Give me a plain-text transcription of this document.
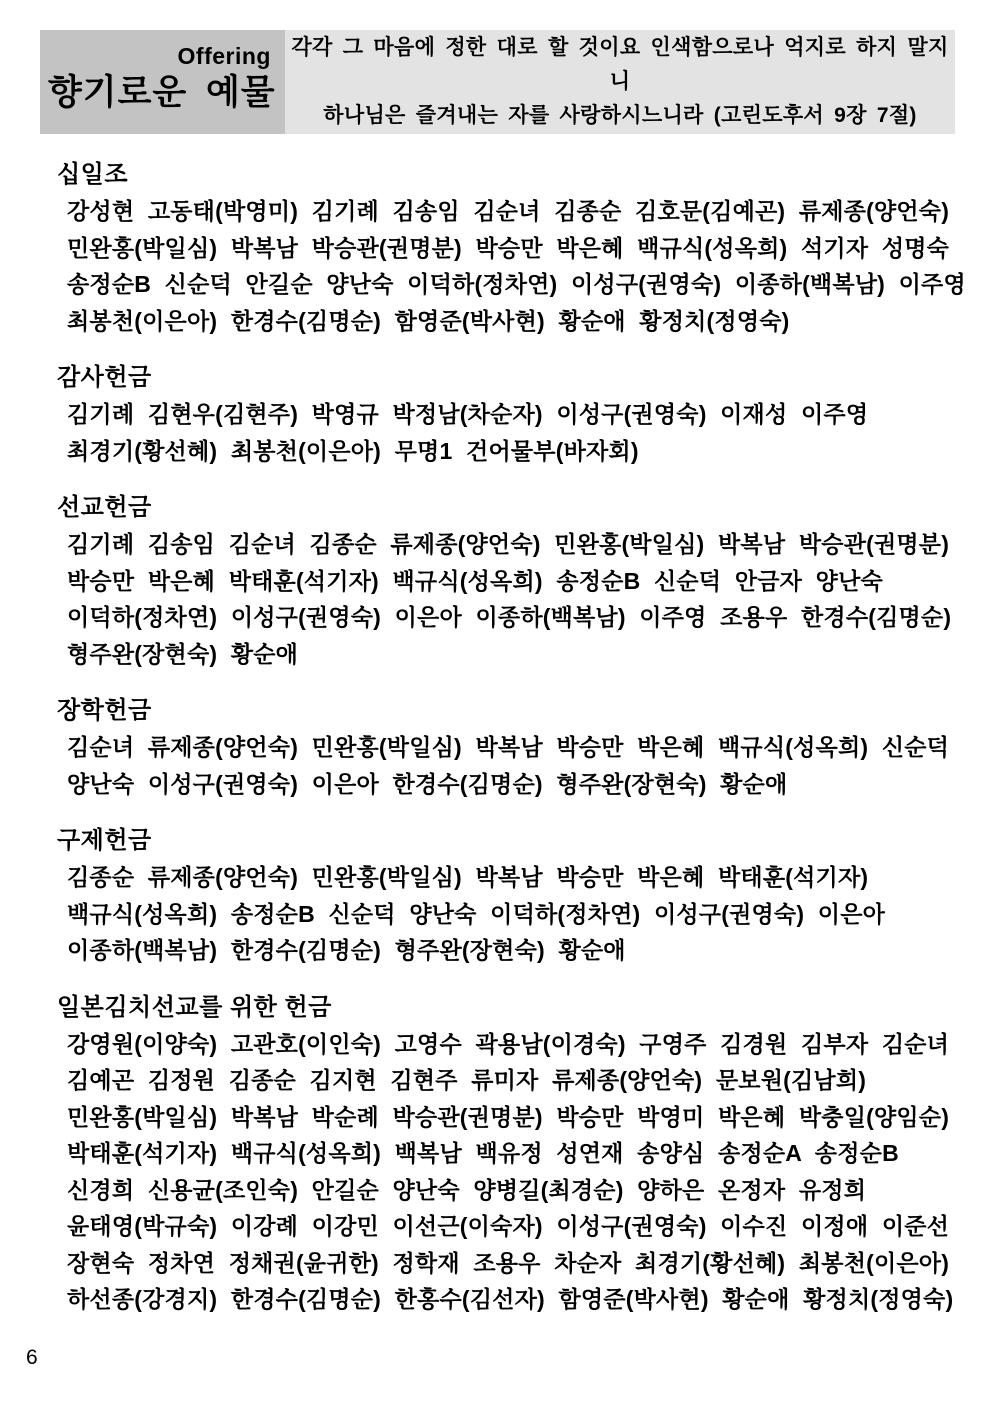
Offering
향기로운 예물
각각 그 마음에 정한 대로 할 것이요 인색함으로나 억지로 하지 말지니
하나님은 즐겨내는 자를 사랑하시느니라 (고린도후서 9장 7절)
십일조
강성현 고동태(박영미) 김기례 김송임 김순녀 김종순 김호문(김예곤) 류제종(양언숙)
민완홍(박일심) 박복남 박승관(권명분) 박승만 박은혜 백규식(성옥희) 석기자 성명숙
송정순B 신순덕 안길순 양난숙 이덕하(정차연) 이성구(권영숙) 이종하(백복남) 이주영
최봉천(이은아) 한경수(김명순) 함영준(박사현) 황순애 황정치(정영숙)
감사헌금
김기례 김현우(김현주) 박영규 박정남(차순자) 이성구(권영숙) 이재성 이주영
최경기(황선혜) 최봉천(이은아) 무명1 건어물부(바자회)
선교헌금
김기례 김송임 김순녀 김종순 류제종(양언숙) 민완홍(박일심) 박복남 박승관(권명분)
박승만 박은혜 박태훈(석기자) 백규식(성옥희) 송정순B 신순덕 안금자 양난숙
이덕하(정차연) 이성구(권영숙) 이은아 이종하(백복남) 이주영 조용우 한경수(김명순)
형주완(장현숙) 황순애
장학헌금
김순녀 류제종(양언숙) 민완홍(박일심) 박복남 박승만 박은혜 백규식(성옥희) 신순덕
양난숙 이성구(권영숙) 이은아 한경수(김명순) 형주완(장현숙) 황순애
구제헌금
김종순 류제종(양언숙) 민완홍(박일심) 박복남 박승만 박은혜 박태훈(석기자)
백규식(성옥희) 송정순B 신순덕 양난숙 이덕하(정차연) 이성구(권영숙) 이은아
이종하(백복남) 한경수(김명순) 형주완(장현숙) 황순애
일본김치선교를 위한 헌금
강영원(이양숙) 고관호(이인숙) 고영수 곽용남(이경숙) 구영주 김경원 김부자 김순녀
김예곤 김정원 김종순 김지현 김현주 류미자 류제종(양언숙) 문보원(김남희)
민완홍(박일심) 박복남 박순례 박승관(권명분) 박승만 박영미 박은혜 박충일(양임순)
박태훈(석기자) 백규식(성옥희) 백복남 백유정 성연재 송양심 송정순A 송정순B
신경희 신용균(조인숙) 안길순 양난숙 양병길(최경순) 양하은 온정자 유정희
윤태영(박규숙) 이강례 이강민 이선근(이숙자) 이성구(권영숙) 이수진 이정애 이준선
장현숙 정차연 정채권(윤귀한) 정학재 조용우 차순자 최경기(황선혜) 최봉천(이은아)
하선종(강경지) 한경수(김명순) 한홍수(김선자) 함영준(박사현) 황순애 황정치(정영숙)
6
